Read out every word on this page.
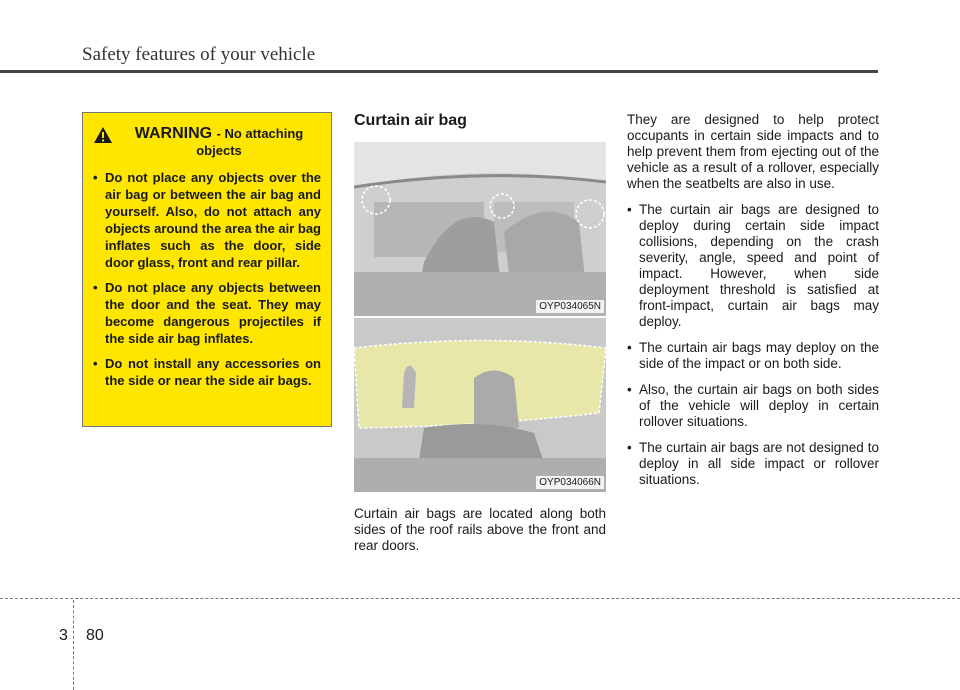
Safety features of your vehicle
WARNING - No attaching objects
• Do not place any objects over the air bag or between the air bag and yourself. Also, do not attach any objects around the area the air bag inflates such as the door, side door glass, front and rear pillar.
• Do not place any objects between the door and the seat. They may become dangerous projectiles if the side air bag inflates.
• Do not install any accessories on the side or near the side air bags.
Curtain air bag
OYP034065N
OYP034066N
Curtain air bags are located along both sides of the roof rails above the front and rear doors.

They are designed to help protect occupants in certain side impacts and to help prevent them from ejecting out of the vehicle as a result of a rollover, especially when the seatbelts are also in use.

• The curtain air bags are designed to deploy during certain side impact collisions, depending on the crash severity, angle, speed and point of impact. However, when side deployment threshold is satisfied at front-impact, curtain air bags may deploy.
• The curtain air bags may deploy on the side of the impact or on both side.
• Also, the curtain air bags on both sides of the vehicle will deploy in certain rollover situations.
• The curtain air bags are not designed to deploy in all side impact or rollover situations.
3 80
